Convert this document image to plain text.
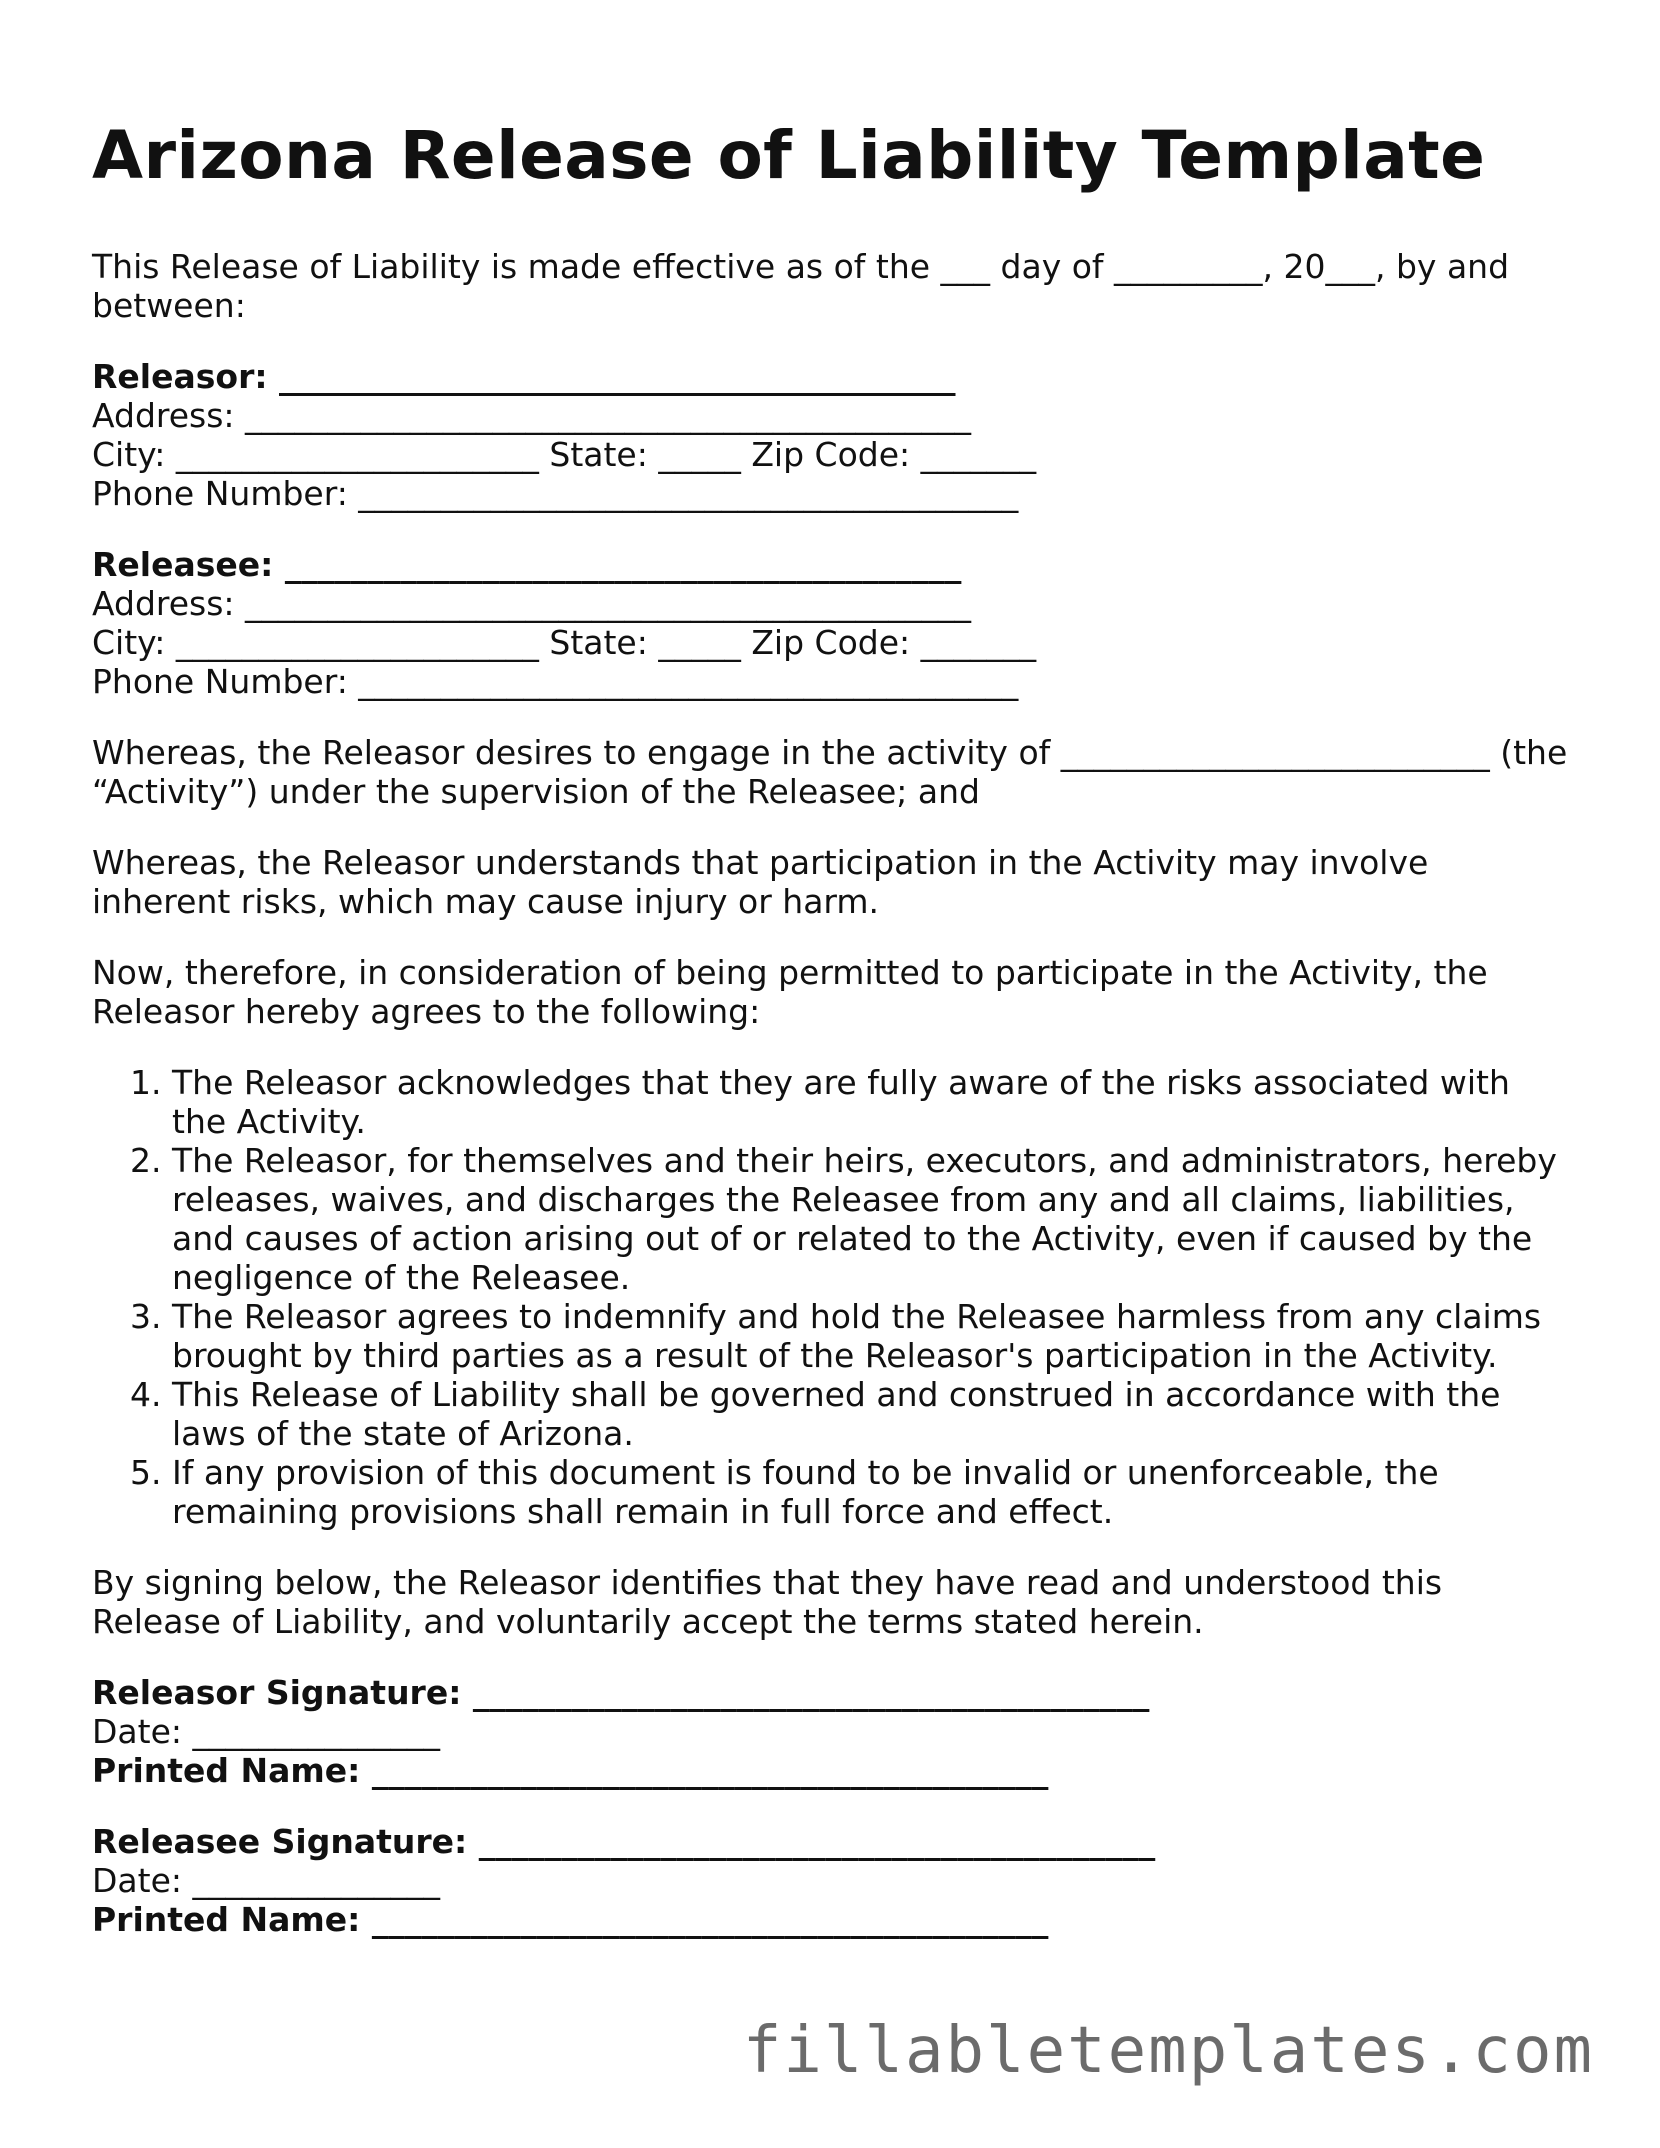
Arizona Release of Liability Template

This Release of Liability is made effective as of the ___ day of _________, 20___, by and between:

Releasor: _________________________________________
Address: ____________________________________________
City: ______________________ State: _____ Zip Code: _______
Phone Number: ________________________________________
Releasee: _________________________________________
Address: ____________________________________________
City: ______________________ State: _____ Zip Code: _______
Phone Number: ________________________________________

Whereas, the Releasor desires to engage in the activity of __________________________ (the “Activity”) under the supervision of the Releasee; and

Whereas, the Releasor understands that participation in the Activity may involve inherent risks, which may cause injury or harm.

Now, therefore, in consideration of being permitted to participate in the Activity, the Releasor hereby agrees to the following:

1. The Releasor acknowledges that they are fully aware of the risks associated with the Activity.
2. The Releasor, for themselves and their heirs, executors, and administrators, hereby releases, waives, and discharges the Releasee from any and all claims, liabilities, and causes of action arising out of or related to the Activity, even if caused by the negligence of the Releasee.
3. The Releasor agrees to indemnify and hold the Releasee harmless from any claims brought by third parties as a result of the Releasor's participation in the Activity.
4. This Release of Liability shall be governed and construed in accordance with the laws of the state of Arizona.
5. If any provision of this document is found to be invalid or unenforceable, the remaining provisions shall remain in full force and effect.

By signing below, the Releasor identifies that they have read and understood this Release of Liability, and voluntarily accept the terms stated herein.

Releasor Signature: _________________________________________
Date: _______________
Printed Name: _________________________________________
Releasee Signature: _________________________________________
Date: _______________
Printed Name: _________________________________________
fillabletemplates.com
